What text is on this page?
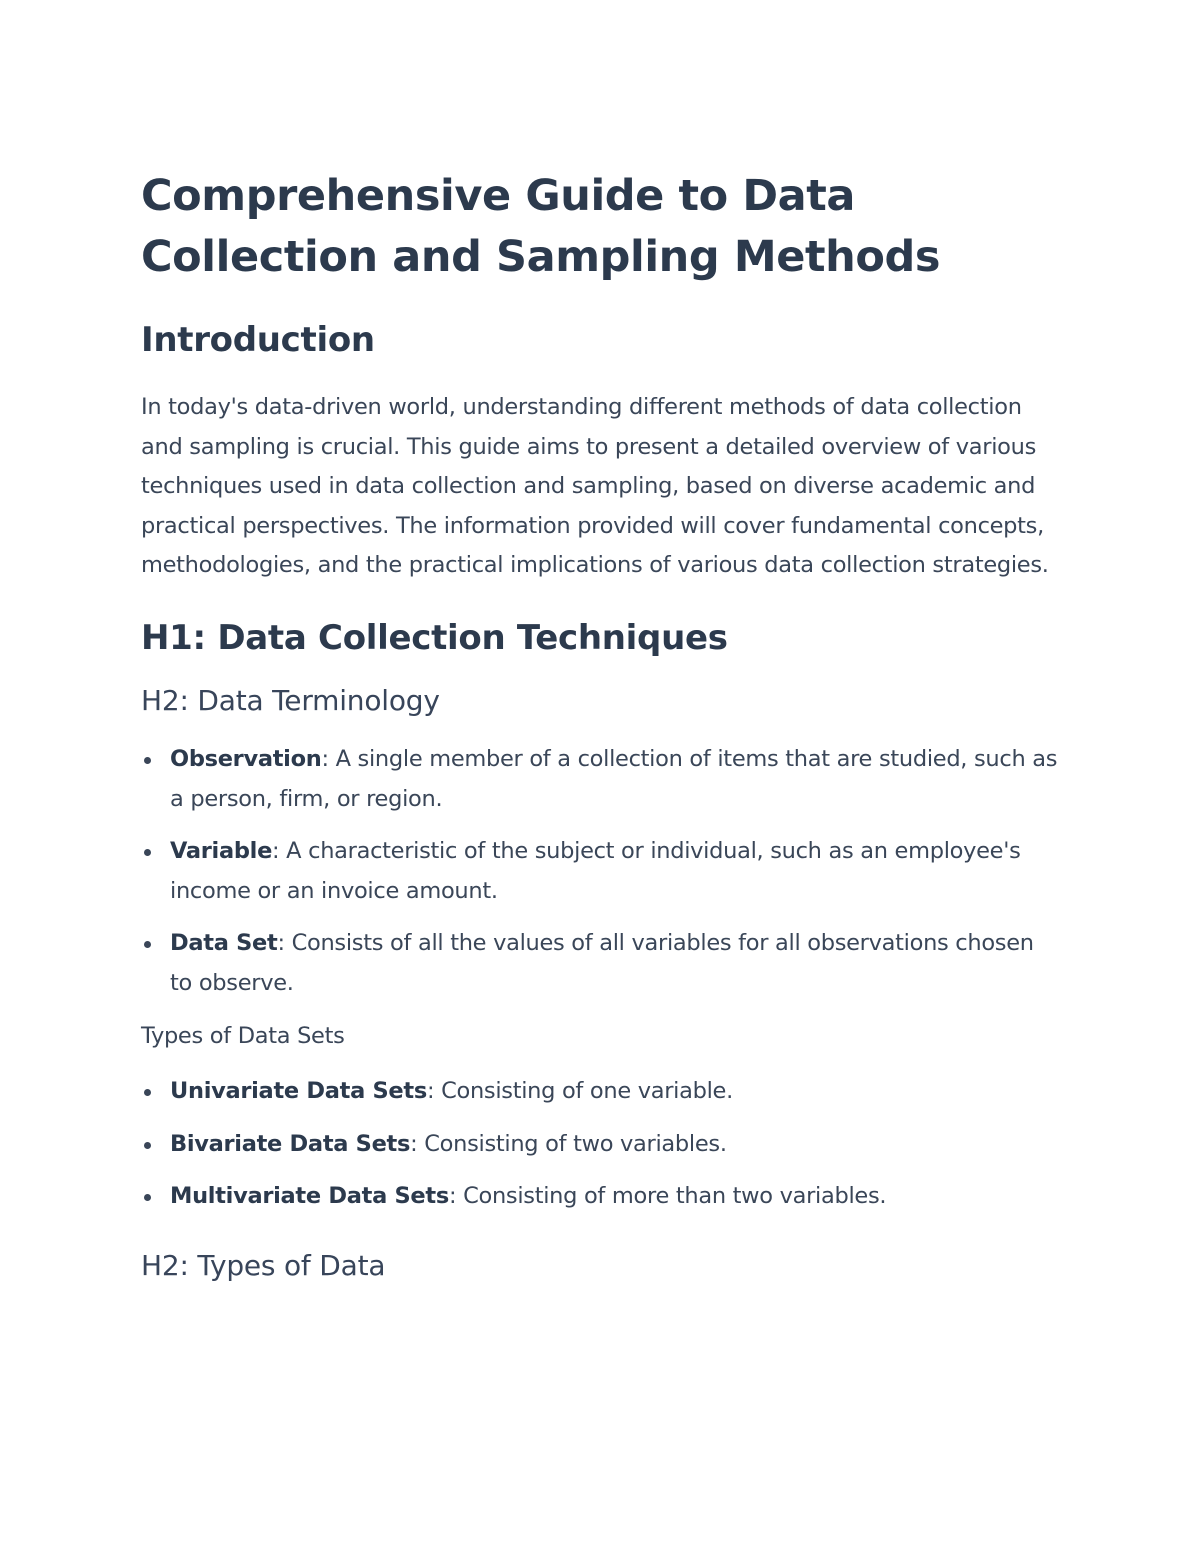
Comprehensive Guide to Data Collection and Sampling Methods
Introduction

In today's data-driven world, understanding different methods of data collection and sampling is crucial. This guide aims to present a detailed overview of various techniques used in data collection and sampling, based on diverse academic and practical perspectives. The information provided will cover fundamental concepts, methodologies, and the practical implications of various data collection strategies.

H1: Data Collection Techniques
H2: Data Terminology
Observation: A single member of a collection of items that are studied, such as a person, firm, or region.
Variable: A characteristic of the subject or individual, such as an employee's income or an invoice amount.
Data Set: Consists of all the values of all variables for all observations chosen to observe.

Types of Data Sets

Univariate Data Sets: Consisting of one variable.
Bivariate Data Sets: Consisting of two variables.
Multivariate Data Sets: Consisting of more than two variables.
H2: Types of Data
